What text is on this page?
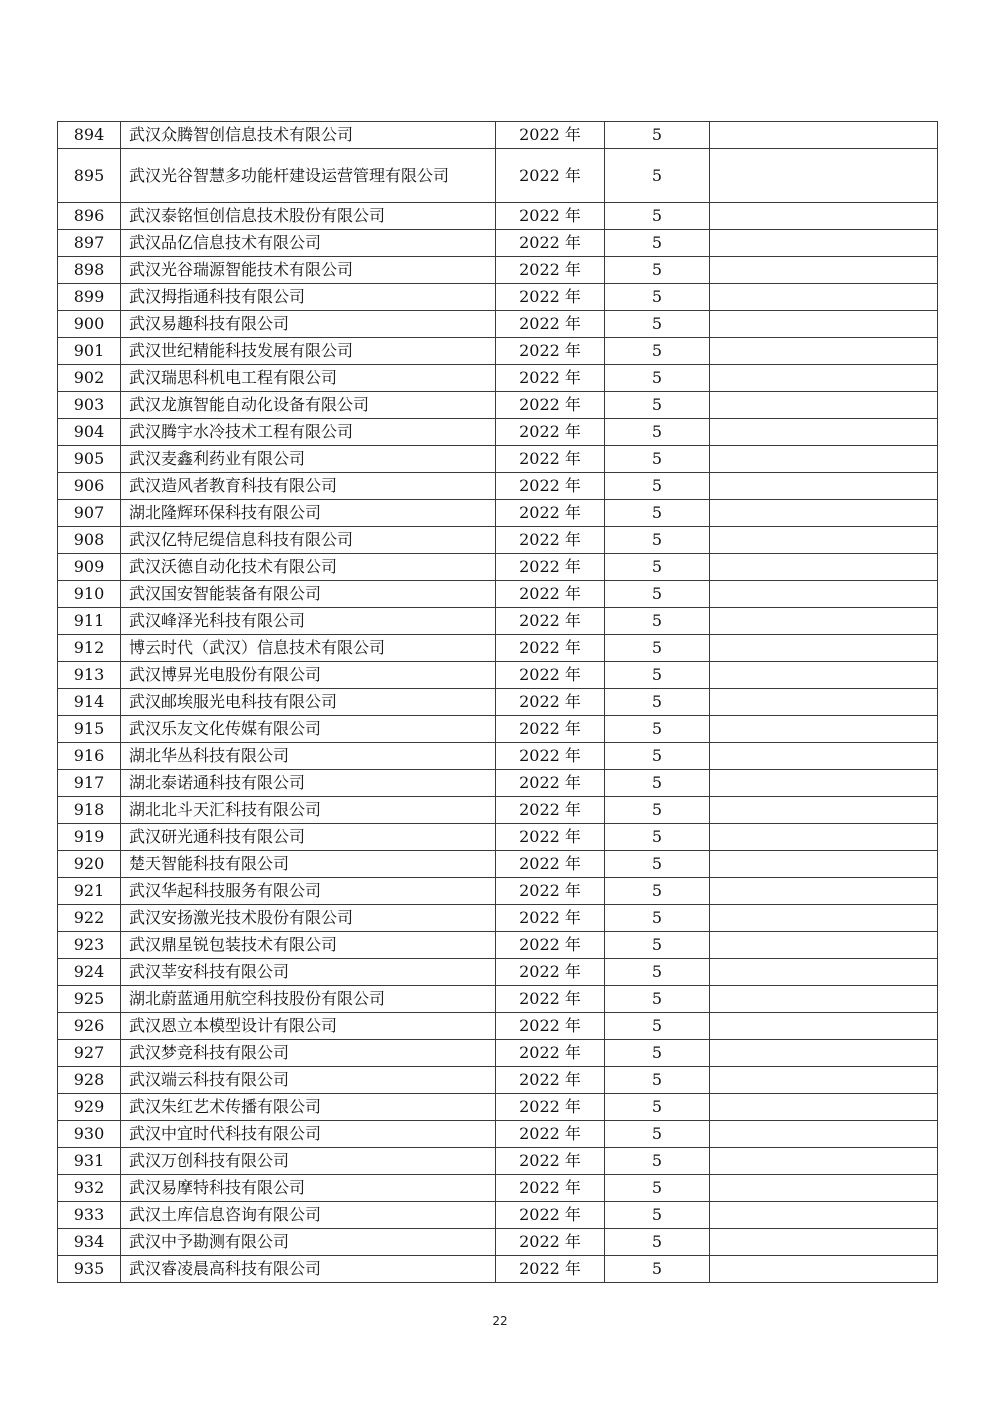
894	武汉众腾智创信息技术有限公司	2022 年	5	
895	武汉光谷智慧多功能杆建设运营管理有限公司	2022 年	5	
896	武汉泰铭恒创信息技术股份有限公司	2022 年	5	
897	武汉品亿信息技术有限公司	2022 年	5	
898	武汉光谷瑞源智能技术有限公司	2022 年	5	
899	武汉拇指通科技有限公司	2022 年	5	
900	武汉易趣科技有限公司	2022 年	5	
901	武汉世纪精能科技发展有限公司	2022 年	5	
902	武汉瑞思科机电工程有限公司	2022 年	5	
903	武汉龙旗智能自动化设备有限公司	2022 年	5	
904	武汉腾宇水冷技术工程有限公司	2022 年	5	
905	武汉麦鑫利药业有限公司	2022 年	5	
906	武汉造风者教育科技有限公司	2022 年	5	
907	湖北隆辉环保科技有限公司	2022 年	5	
908	武汉亿特尼缇信息科技有限公司	2022 年	5	
909	武汉沃德自动化技术有限公司	2022 年	5	
910	武汉国安智能装备有限公司	2022 年	5	
911	武汉峰泽光科技有限公司	2022 年	5	
912	博云时代（武汉）信息技术有限公司	2022 年	5	
913	武汉博昇光电股份有限公司	2022 年	5	
914	武汉邮埃服光电科技有限公司	2022 年	5	
915	武汉乐友文化传媒有限公司	2022 年	5	
916	湖北华丛科技有限公司	2022 年	5	
917	湖北泰诺通科技有限公司	2022 年	5	
918	湖北北斗天汇科技有限公司	2022 年	5	
919	武汉研光通科技有限公司	2022 年	5	
920	楚天智能科技有限公司	2022 年	5	
921	武汉华起科技服务有限公司	2022 年	5	
922	武汉安扬激光技术股份有限公司	2022 年	5	
923	武汉鼎星锐包装技术有限公司	2022 年	5	
924	武汉莘安科技有限公司	2022 年	5	
925	湖北蔚蓝通用航空科技股份有限公司	2022 年	5	
926	武汉恩立本模型设计有限公司	2022 年	5	
927	武汉梦竞科技有限公司	2022 年	5	
928	武汉端云科技有限公司	2022 年	5	
929	武汉朱红艺术传播有限公司	2022 年	5	
930	武汉中宜时代科技有限公司	2022 年	5	
931	武汉万创科技有限公司	2022 年	5	
932	武汉易摩特科技有限公司	2022 年	5	
933	武汉土库信息咨询有限公司	2022 年	5	
934	武汉中予勘测有限公司	2022 年	5	
935	武汉睿凌晨高科技有限公司	2022 年	5	
22
